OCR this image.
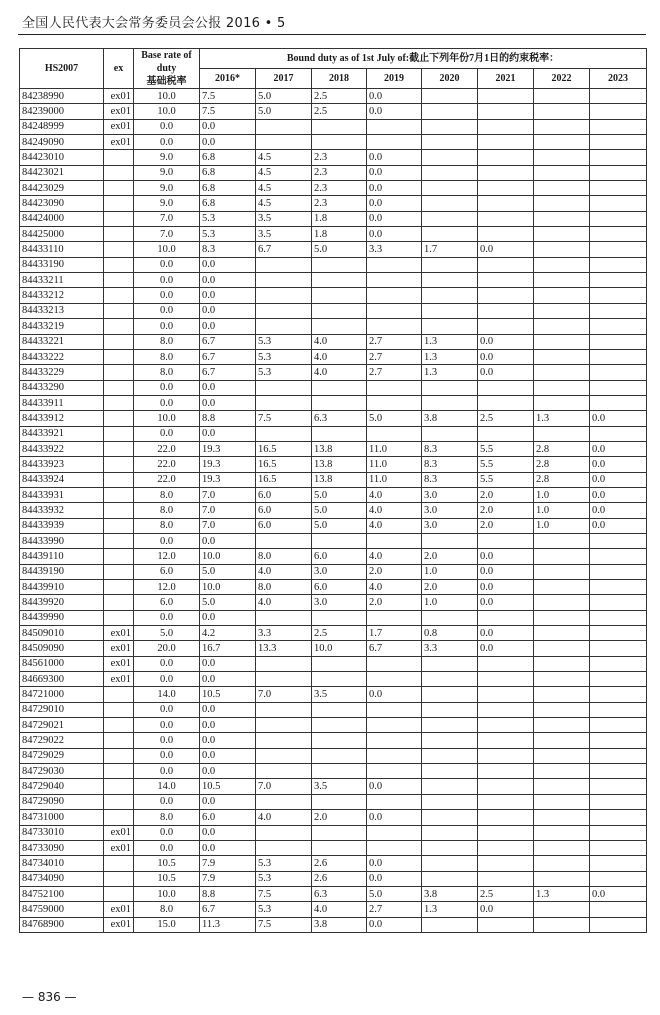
全国人民代表大会常务委员会公报 2016 • 5
HS2007	ex	Base rate of
duty
基础税率	Bound duty as of 1st July of:截止下列年份7月1日的约束税率：							
			2016*	2017	2018	2019	2020	2021	2022	2023
84238990	ex01	10.0	7.5	5.0	2.5	0.0				
84239000	ex01	10.0	7.5	5.0	2.5	0.0				
84248999	ex01	0.0	0.0							
84249090	ex01	0.0	0.0							
84423010		9.0	6.8	4.5	2.3	0.0				
84423021		9.0	6.8	4.5	2.3	0.0				
84423029		9.0	6.8	4.5	2.3	0.0				
84423090		9.0	6.8	4.5	2.3	0.0				
84424000		7.0	5.3	3.5	1.8	0.0				
84425000		7.0	5.3	3.5	1.8	0.0				
84433110		10.0	8.3	6.7	5.0	3.3	1.7	0.0		
84433190		0.0	0.0							
84433211		0.0	0.0							
84433212		0.0	0.0							
84433213		0.0	0.0							
84433219		0.0	0.0							
84433221		8.0	6.7	5.3	4.0	2.7	1.3	0.0		
84433222		8.0	6.7	5.3	4.0	2.7	1.3	0.0		
84433229		8.0	6.7	5.3	4.0	2.7	1.3	0.0		
84433290		0.0	0.0							
84433911		0.0	0.0							
84433912		10.0	8.8	7.5	6.3	5.0	3.8	2.5	1.3	0.0
84433921		0.0	0.0							
84433922		22.0	19.3	16.5	13.8	11.0	8.3	5.5	2.8	0.0
84433923		22.0	19.3	16.5	13.8	11.0	8.3	5.5	2.8	0.0
84433924		22.0	19.3	16.5	13.8	11.0	8.3	5.5	2.8	0.0
84433931		8.0	7.0	6.0	5.0	4.0	3.0	2.0	1.0	0.0
84433932		8.0	7.0	6.0	5.0	4.0	3.0	2.0	1.0	0.0
84433939		8.0	7.0	6.0	5.0	4.0	3.0	2.0	1.0	0.0
84433990		0.0	0.0							
84439110		12.0	10.0	8.0	6.0	4.0	2.0	0.0		
84439190		6.0	5.0	4.0	3.0	2.0	1.0	0.0		
84439910		12.0	10.0	8.0	6.0	4.0	2.0	0.0		
84439920		6.0	5.0	4.0	3.0	2.0	1.0	0.0		
84439990		0.0	0.0							
84509010	ex01	5.0	4.2	3.3	2.5	1.7	0.8	0.0		
84509090	ex01	20.0	16.7	13.3	10.0	6.7	3.3	0.0		
84561000	ex01	0.0	0.0							
84669300	ex01	0.0	0.0							
84721000		14.0	10.5	7.0	3.5	0.0				
84729010		0.0	0.0							
84729021		0.0	0.0							
84729022		0.0	0.0							
84729029		0.0	0.0							
84729030		0.0	0.0							
84729040		14.0	10.5	7.0	3.5	0.0				
84729090		0.0	0.0							
84731000		8.0	6.0	4.0	2.0	0.0				
84733010	ex01	0.0	0.0							
84733090	ex01	0.0	0.0							
84734010		10.5	7.9	5.3	2.6	0.0				
84734090		10.5	7.9	5.3	2.6	0.0				
84752100		10.0	8.8	7.5	6.3	5.0	3.8	2.5	1.3	0.0
84759000	ex01	8.0	6.7	5.3	4.0	2.7	1.3	0.0		
84768900	ex01	15.0	11.3	7.5	3.8	0.0				
— 836 —
